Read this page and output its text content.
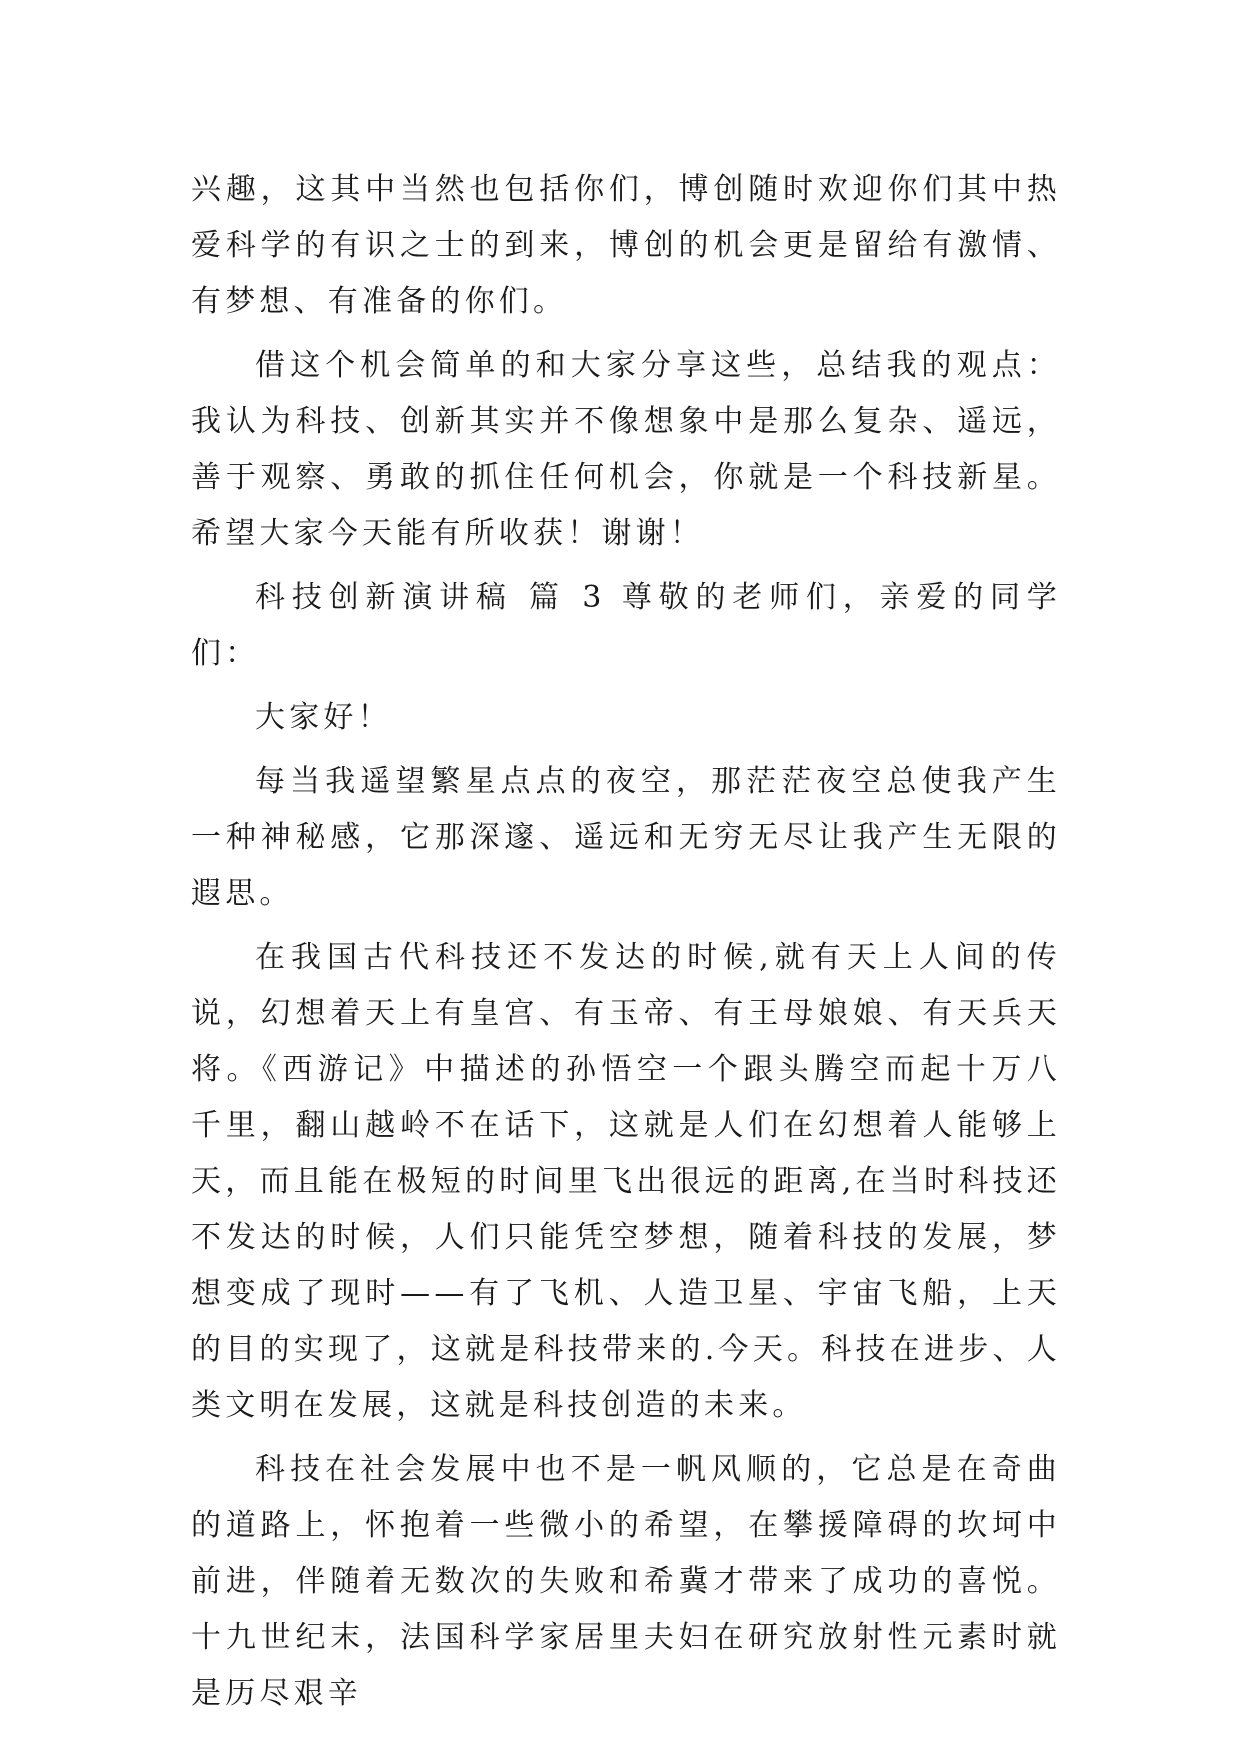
兴趣，这其中当然也包括你们，博创随时欢迎你们其中热爱科学的有识之士的到来，博创的机会更是留给有激情、有梦想、有准备的你们。

借这个机会简单的和大家分享这些，总结我的观点：我认为科技、创新其实并不像想象中是那么复杂、遥远，善于观察、勇敢的抓住任何机会，你就是一个科技新星。希望大家今天能有所收获！谢谢！

科技创新演讲稿 篇 3 尊敬的老师们，亲爱的同学们：

大家好！

每当我遥望繁星点点的夜空，那茫茫夜空总使我产生一种神秘感，它那深邃、遥远和无穷无尽让我产生无限的遐思。

在我国古代科技还不发达的时候,就有天上人间的传说，幻想着天上有皇宫、有玉帝、有王母娘娘、有天兵天将。《西游记》中描述的孙悟空一个跟头腾空而起十万八千里，翻山越岭不在话下，这就是人们在幻想着人能够上天，而且能在极短的时间里飞出很远的距离,在当时科技还不发达的时候，人们只能凭空梦想，随着科技的发展，梦想变成了现时——有了飞机、人造卫星、宇宙飞船，上天的目的实现了，这就是科技带来的.今天。科技在进步、人类文明在发展，这就是科技创造的未来。

科技在社会发展中也不是一帆风顺的，它总是在奇曲的道路上，怀抱着一些微小的希望，在攀援障碍的坎坷中前进，伴随着无数次的失败和希冀才带来了成功的喜悦。十九世纪末，法国科学家居里夫妇在研究放射性元素时就是历尽艰辛
